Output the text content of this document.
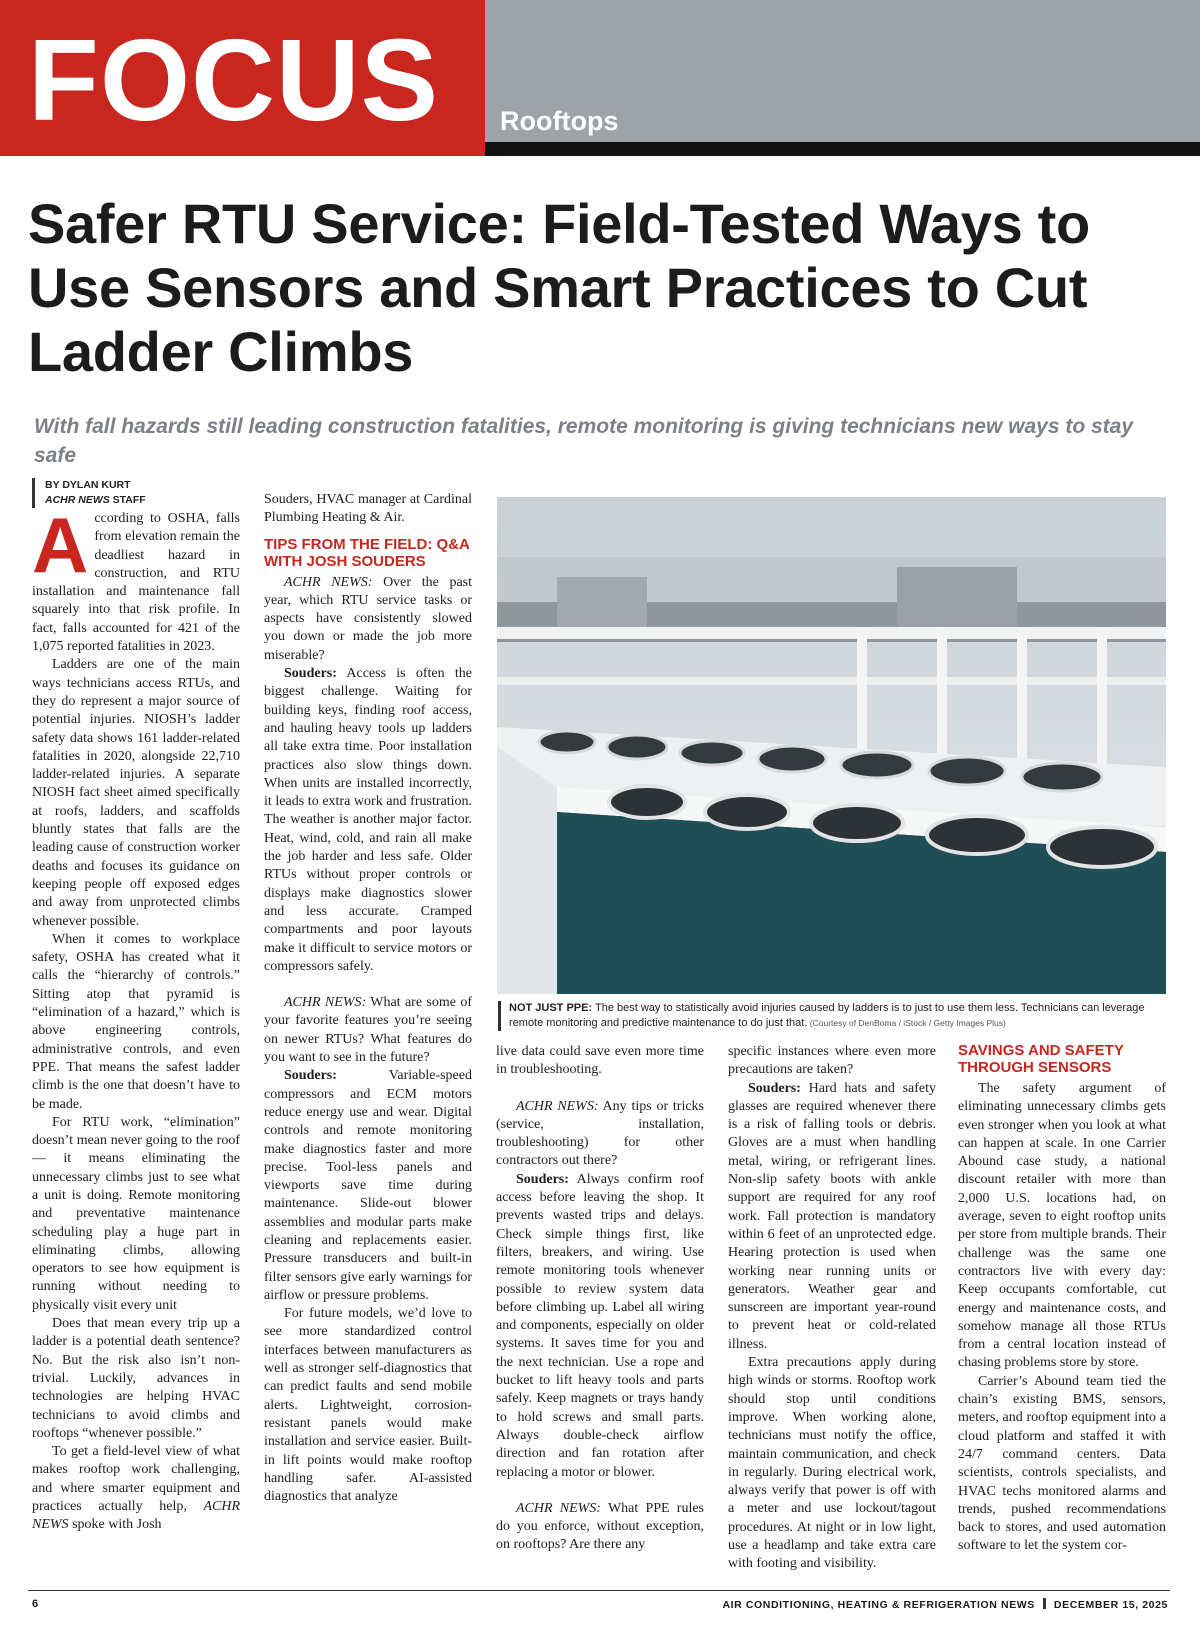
FOCUS Rooftops
Safer RTU Service: Field-Tested Ways to Use Sensors and Smart Practices to Cut Ladder Climbs
With fall hazards still leading construction fatalities, remote monitoring is giving technicians new ways to stay safe
BY DYLAN KURT
ACHR NEWS STAFF

According to OSHA, falls from elevation remain the deadliest hazard in construction, and RTU installation and maintenance fall squarely into that risk profile. In fact, falls accounted for 421 of the 1,075 reported fatalities in 2023.

Ladders are one of the main ways technicians access RTUs, and they do represent a major source of potential injuries. NIOSH’s ladder safety data shows 161 ladder-related fatalities in 2020, alongside 22,710 ladder-related injuries. A separate NIOSH fact sheet aimed specifically at roofs, ladders, and scaffolds bluntly states that falls are the leading cause of construction worker deaths and focuses its guidance on keeping people off exposed edges and away from unprotected climbs whenever possible.

When it comes to workplace safety, OSHA has created what it calls the “hierarchy of controls.” Sitting atop that pyramid is “elimination of a hazard,” which is above engineering controls, administrative controls, and even PPE. That means the safest ladder climb is the one that doesn’t have to be made.

For RTU work, “elimination” doesn’t mean never going to the roof — it means eliminating the unnecessary climbs just to see what a unit is doing. Remote monitoring and preventative maintenance scheduling play a huge part in eliminating climbs, allowing operators to see how equipment is running without needing to physically visit every unit

Does that mean every trip up a ladder is a potential death sentence? No. But the risk also isn’t non-trivial. Luckily, advances in technologies are helping HVAC technicians to avoid climbs and rooftops “whenever possible.”

To get a field-level view of what makes rooftop work challenging, and where smarter equipment and practices actually help, ACHR NEWS spoke with Josh

Souders, HVAC manager at Cardinal Plumbing Heating & Air.

TIPS FROM THE FIELD: Q&A WITH JOSH SOUDERS

ACHR NEWS: Over the past year, which RTU service tasks or aspects have consistently slowed you down or made the job more miserable?

Souders: Access is often the biggest challenge. Waiting for building keys, finding roof access, and hauling heavy tools up ladders all take extra time. Poor installation practices also slow things down. When units are installed incorrectly, it leads to extra work and frustration. The weather is another major factor. Heat, wind, cold, and rain all make the job harder and less safe. Older RTUs without proper controls or displays make diagnostics slower and less accurate. Cramped compartments and poor layouts make it difficult to service motors or compressors safely.

ACHR NEWS: What are some of your favorite features you’re seeing on newer RTUs? What features do you want to see in the future?

Souders: Variable-speed compressors and ECM motors reduce energy use and wear. Digital controls and remote monitoring make diagnostics faster and more precise. Tool-less panels and viewports save time during maintenance. Slide-out blower assemblies and modular parts make cleaning and replacements easier. Pressure transducers and built-in filter sensors give early warnings for airflow or pressure problems.

For future models, we’d love to see more standardized control interfaces between manufacturers as well as stronger self-diagnostics that can predict faults and send mobile alerts. Lightweight, corrosion-resistant panels would make installation and service easier. Built-in lift points would make rooftop handling safer. AI-assisted diagnostics that analyze

NOT JUST PPE: The best way to statistically avoid injuries caused by ladders is to just to use them less. Technicians can leverage remote monitoring and predictive maintenance to do just that. (Courtesy of DenBoma / iStock / Getty Images Plus)

live data could save even more time in troubleshooting.

ACHR NEWS: Any tips or tricks (service, installation, troubleshooting) for other contractors out there?

Souders: Always confirm roof access before leaving the shop. It prevents wasted trips and delays. Check simple things first, like filters, breakers, and wiring. Use remote monitoring tools whenever possible to review system data before climbing up. Label all wiring and components, especially on older systems. It saves time for you and the next technician. Use a rope and bucket to lift heavy tools and parts safely. Keep magnets or trays handy to hold screws and small parts. Always double-check airflow direction and fan rotation after replacing a motor or blower.

ACHR NEWS: What PPE rules do you enforce, without exception, on rooftops? Are there any

specific instances where even more precautions are taken?

Souders: Hard hats and safety glasses are required whenever there is a risk of falling tools or debris. Gloves are a must when handling metal, wiring, or refrigerant lines. Non-slip safety boots with ankle support are required for any roof work. Fall protection is mandatory within 6 feet of an unprotected edge. Hearing protection is used when working near running units or generators. Weather gear and sunscreen are important year-round to prevent heat or cold-related illness.

Extra precautions apply during high winds or storms. Rooftop work should stop until conditions improve. When working alone, technicians must notify the office, maintain communication, and check in regularly. During electrical work, always verify that power is off with a meter and use lockout/tagout procedures. At night or in low light, use a headlamp and take extra care with footing and visibility.

SAVINGS AND SAFETY THROUGH SENSORS

The safety argument of eliminating unnecessary climbs gets even stronger when you look at what can happen at scale. In one Carrier Abound case study, a national discount retailer with more than 2,000 U.S. locations had, on average, seven to eight rooftop units per store from multiple brands. Their challenge was the same one contractors live with every day: Keep occupants comfortable, cut energy and maintenance costs, and somehow manage all those RTUs from a central location instead of chasing problems store by store.

Carrier’s Abound team tied the chain’s existing BMS, sensors, meters, and rooftop equipment into a cloud platform and staffed it with 24/7 command centers. Data scientists, controls specialists, and HVAC techs monitored alarms and trends, pushed recommendations back to stores, and used automation software to let the system cor-

6	AIR CONDITIONING, HEATING & REFRIGERATION NEWS DECEMBER 15, 2025
